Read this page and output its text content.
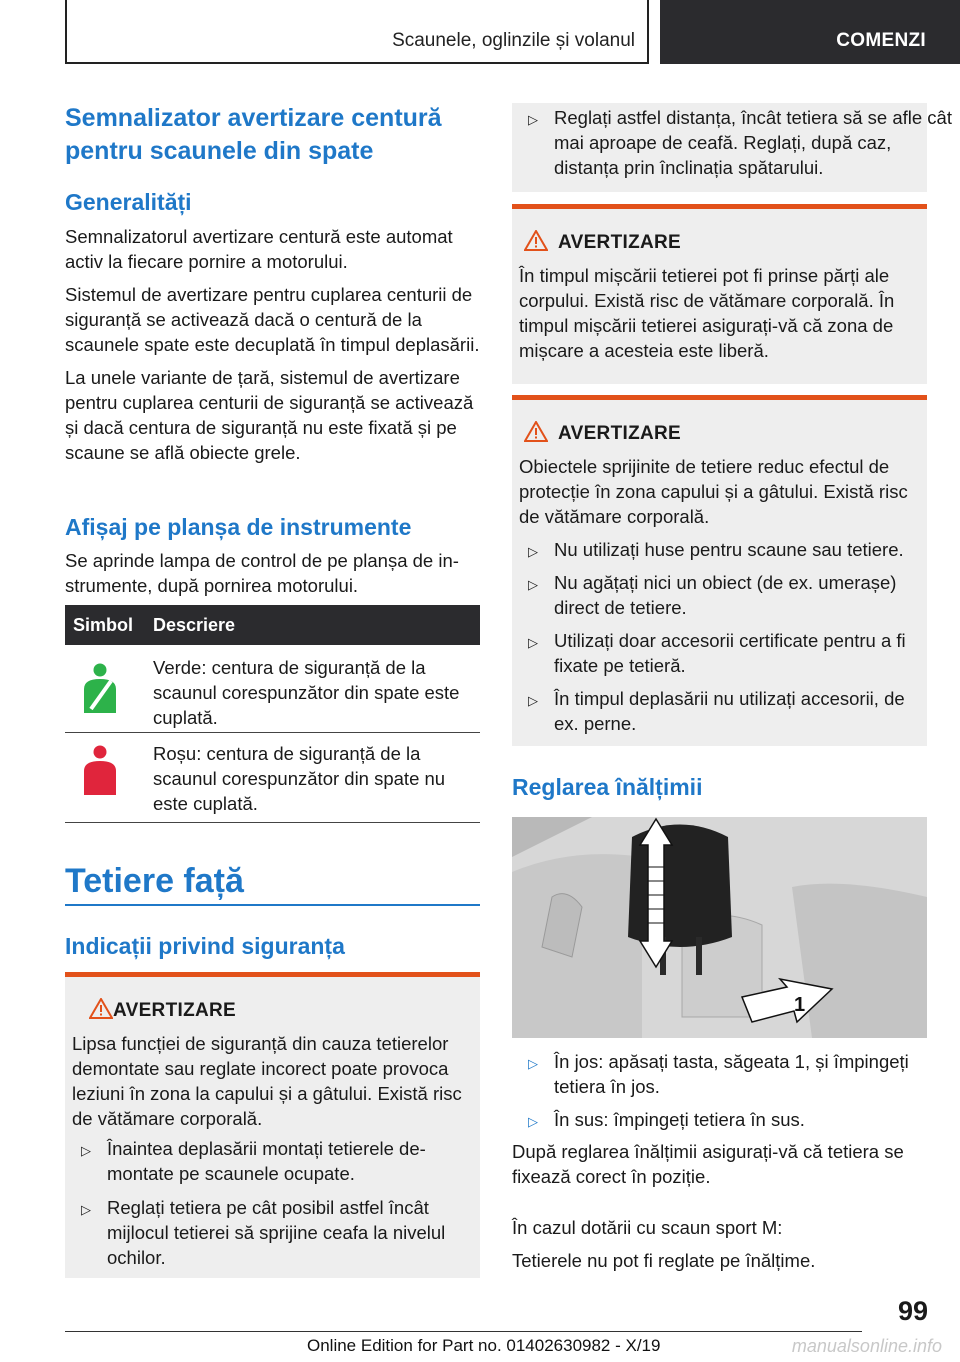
Scaunele, oglinzile și volanul	COMENZI
Semnalizator avertizare centură pentru scaunele din spate
Generalități

Semnalizatorul avertizare centură este automat activ la fiecare pornire a motorului.

Sistemul de avertizare pentru cuplarea centurii de siguranță se activează dacă o centură de la scaunele spate este decuplată în timpul deplasării.

La unele variante de țară, sistemul de avertizare pentru cuplarea centurii de siguranță se activează și dacă centura de siguranță nu este fixată și pe scaune se află obiecte grele.

Afișaj pe planșa de instrumente

Se aprinde lampa de control de pe planșa de instrumente, după pornirea motorului.

Simbol Descriere
Verde: centura de siguranță de la scaunul corespunzător din spate este cuplată.
Roșu: centura de siguranță de la scaunul corespunzător din spate nu este cuplată.
Tetiere față
Indicații privind siguranța
AVERTIZARE
Lipsa funcției de siguranță din cauza tetierelor demontate sau reglate incorect poate provoca leziuni în zona la capului și a gâtului. Există risc de vătămare corporală.
▷ Înaintea deplasării montați tetierele demontate pe scaunele ocupate.
▷ Reglați tetiera pe cât posibil astfel încât mijlocul tetierei să sprijine ceafa la nivelul ochilor.
▷ Reglați astfel distanța, încât tetiera să se afle cât mai aproape de ceafă. Reglați, după caz, distanța prin înclinația spătarului.
AVERTIZARE
În timpul mișcării tetierei pot fi prinse părți ale corpului. Există risc de vătămare corporală. În timpul mișcării tetierei asigurați-vă că zona de mișcare a acesteia este liberă.
AVERTIZARE
Obiectele sprijinite de tetiere reduc efectul de protecție în zona capului și a gâtului. Există risc de vătămare corporală.
▷ Nu utilizați huse pentru scaune sau tetiere.
▷ Nu agățați nici un obiect (de ex. umerașe) direct de tetiere.
▷ Utilizați doar accesorii certificate pentru a fi fixate pe tetieră.
▷ În timpul deplasării nu utilizați accesorii, de ex. perne.
Reglarea înălțimii
1
▷ În jos: apăsați tasta, săgeata 1, și împingeți tetiera în jos.
▷ În sus: împingeți tetiera în sus.

După reglarea înălțimii asigurați-vă că tetiera se fixează corect în poziție.

În cazul dotării cu scaun sport M:

Tetierele nu pot fi reglate pe înălțime.

99
Online Edition for Part no. 01402630982 - X/19	manualsonline.info
